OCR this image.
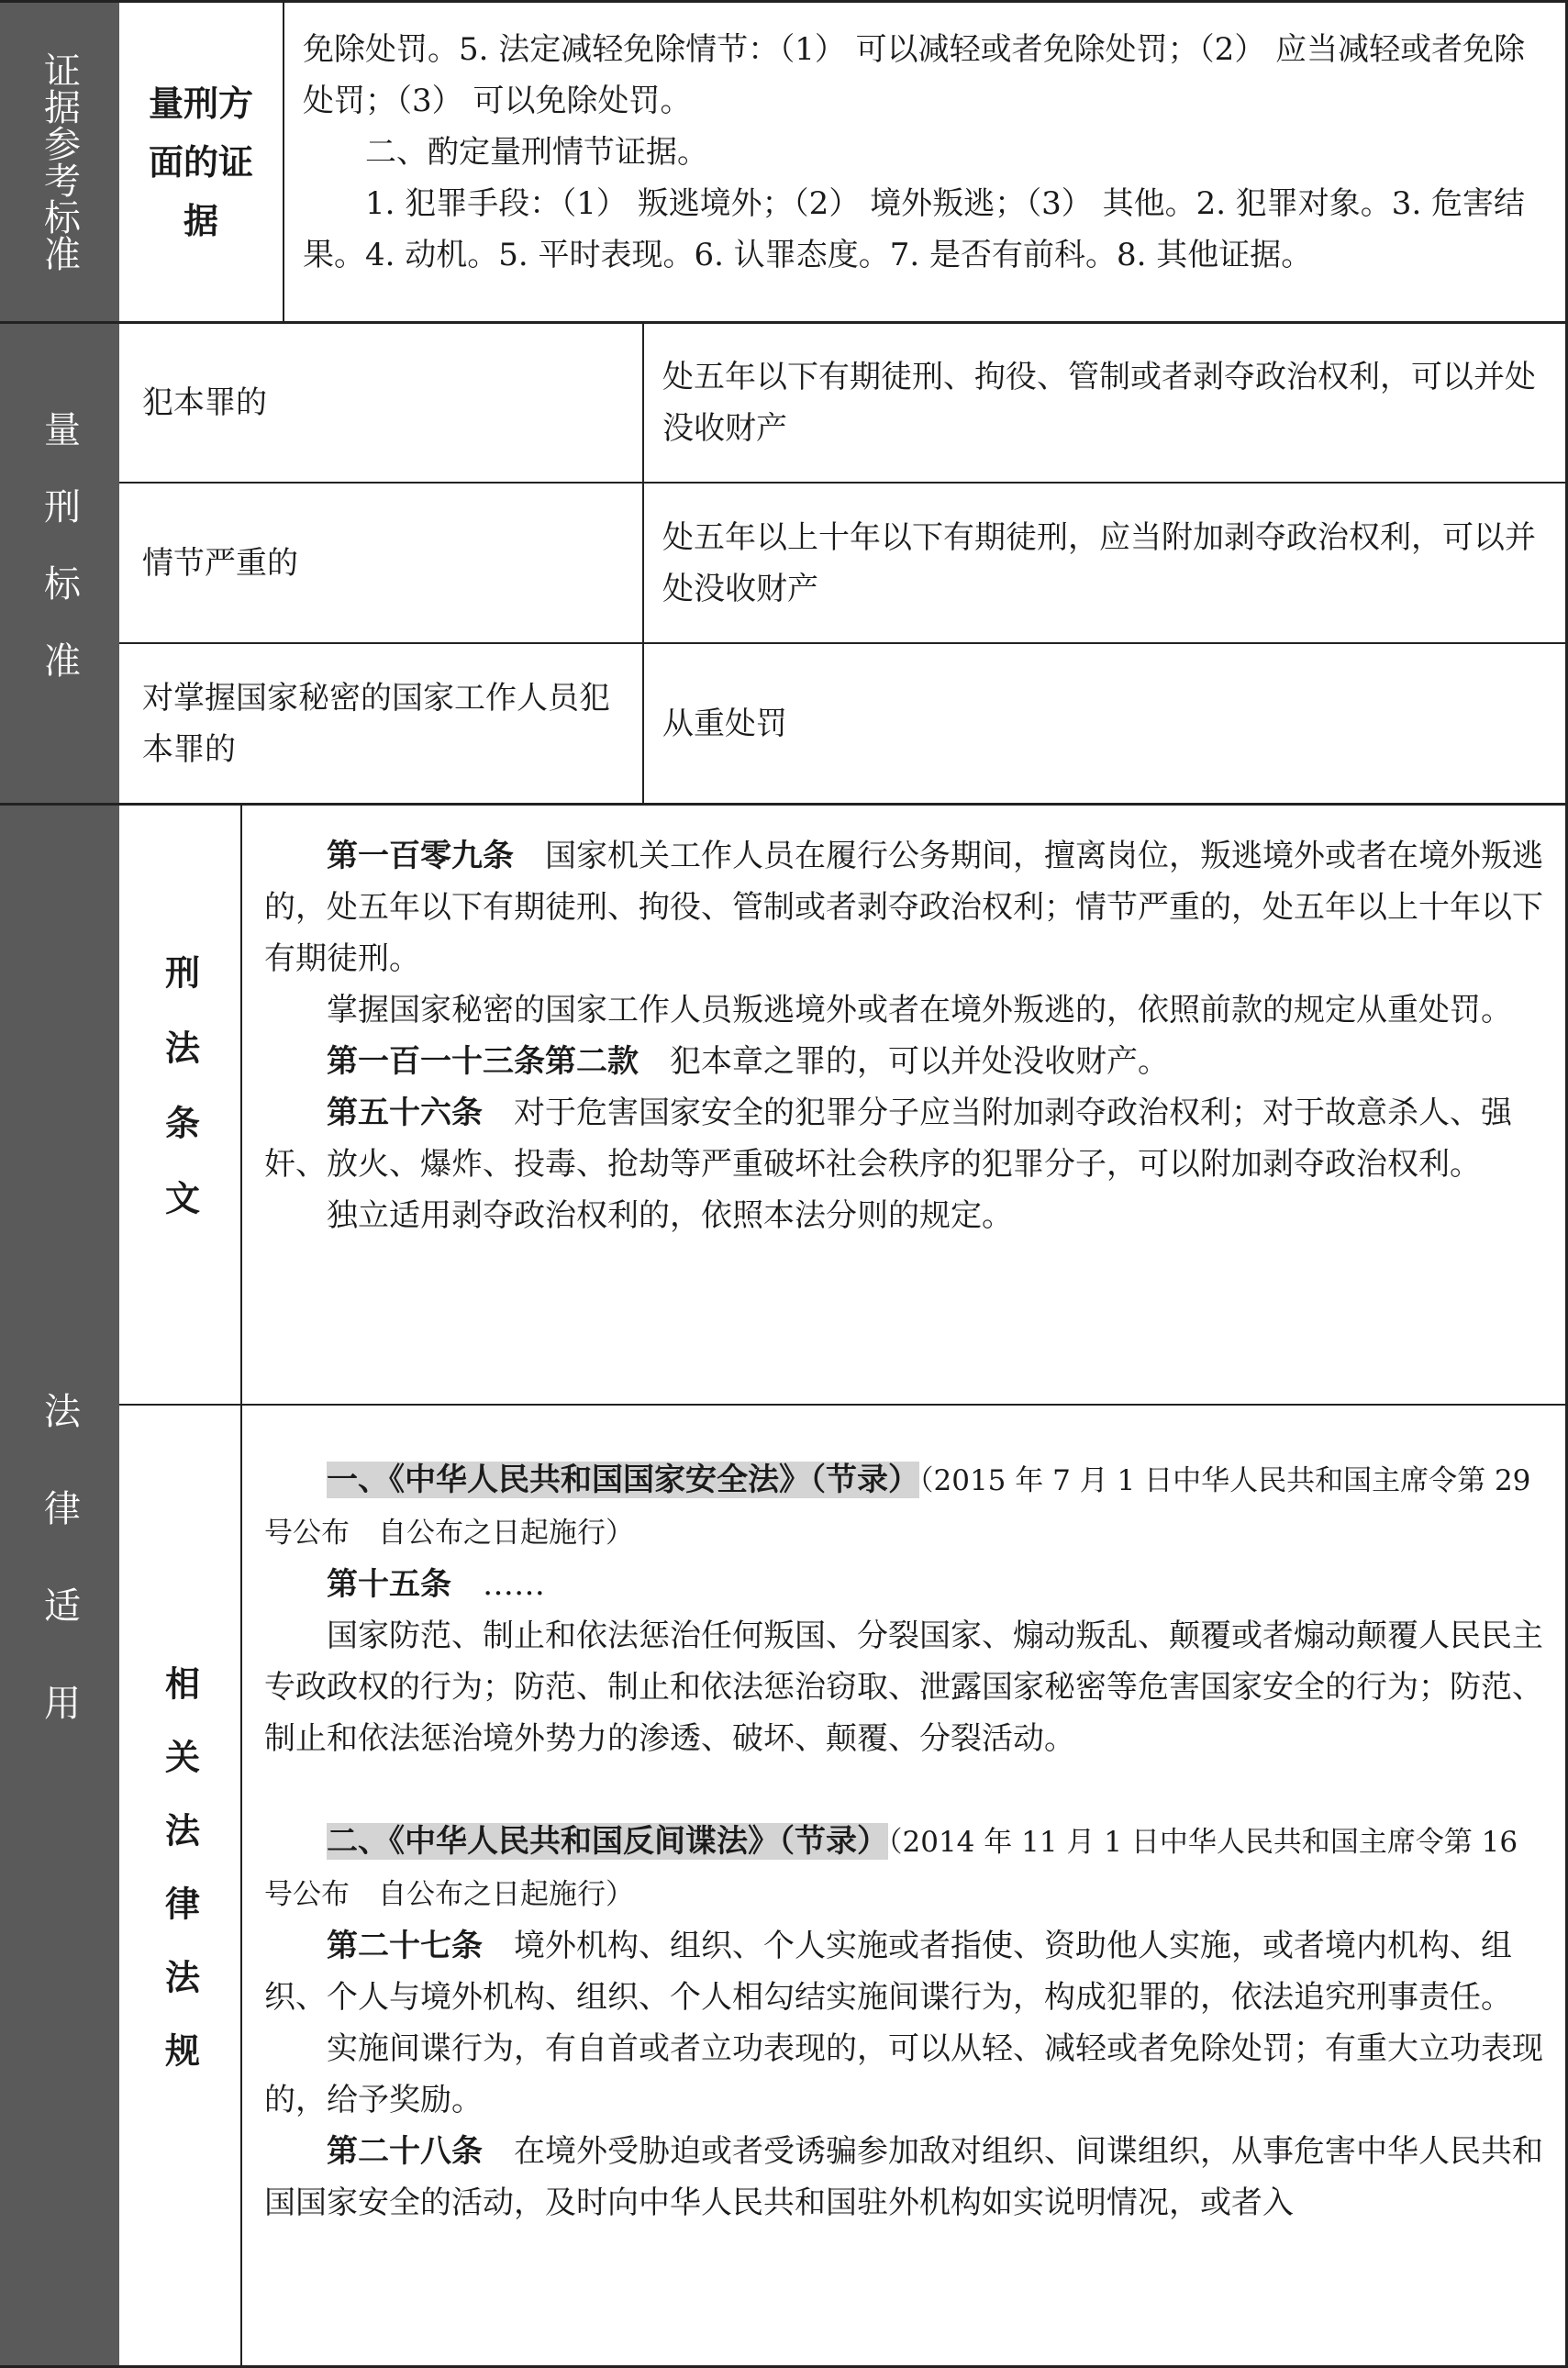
证据参考标准
量刑标准
法律适用
量刑方面的证据

免除处罚。5. 法定减轻免除情节：（1） 可以减轻或者免除处罚；（2） 应当减轻或者免除处罚；（3） 可以免除处罚。

二、酌定量刑情节证据。

1. 犯罪手段：（1） 叛逃境外；（2） 境外叛逃；（3） 其他。2. 犯罪对象。3. 危害结果。4. 动机。5. 平时表现。6. 认罪态度。7. 是否有前科。8. 其他证据。

犯本罪的
处五年以下有期徒刑、拘役、管制或者剥夺政治权利，可以并处没收财产
情节严重的
处五年以上十年以下有期徒刑，应当附加剥夺政治权利，可以并处没收财产
对掌握国家秘密的国家工作人员犯本罪的
从重处罚
刑法条文

第一百零九条　 国家机关工作人员在履行公务期间，擅离岗位，叛逃境外或者在境外叛逃的，处五年以下有期徒刑、拘役、管制或者剥夺政治权利；情节严重的，处五年以上十年以下有期徒刑。

掌握国家秘密的国家工作人员叛逃境外或者在境外叛逃的，依照前款的规定从重处罚。

第一百一十三条第二款　 犯本章之罪的，可以并处没收财产。

第五十六条　 对于危害国家安全的犯罪分子应当附加剥夺政治权利；对于故意杀人、强奸、放火、爆炸、投毒、抢劫等严重破坏社会秩序的犯罪分子，可以附加剥夺政治权利。

独立适用剥夺政治权利的，依照本法分则的规定。

相关法律法规

一、《中华人民共和国国家安全法》（节录）（2015 年 7 月 1 日中华人民共和国主席令第 29 号公布　自公布之日起施行）

第十五条　 ……

国家防范、制止和依法惩治任何叛国、分裂国家、煽动叛乱、颠覆或者煽动颠覆人民民主专政政权的行为；防范、制止和依法惩治窃取、泄露国家秘密等危害国家安全的行为；防范、制止和依法惩治境外势力的渗透、破坏、颠覆、分裂活动。

二、《中华人民共和国反间谍法》（节录）（2014 年 11 月 1 日中华人民共和国主席令第 16 号公布　自公布之日起施行）

第二十七条　 境外机构、组织、个人实施或者指使、资助他人实施，或者境内机构、组织、个人与境外机构、组织、个人相勾结实施间谍行为，构成犯罪的，依法追究刑事责任。

实施间谍行为，有自首或者立功表现的，可以从轻、减轻或者免除处罚；有重大立功表现的，给予奖励。

第二十八条　 在境外受胁迫或者受诱骗参加敌对组织、间谍组织，从事危害中华人民共和国国家安全的活动，及时向中华人民共和国驻外机构如实说明情况，或者入
